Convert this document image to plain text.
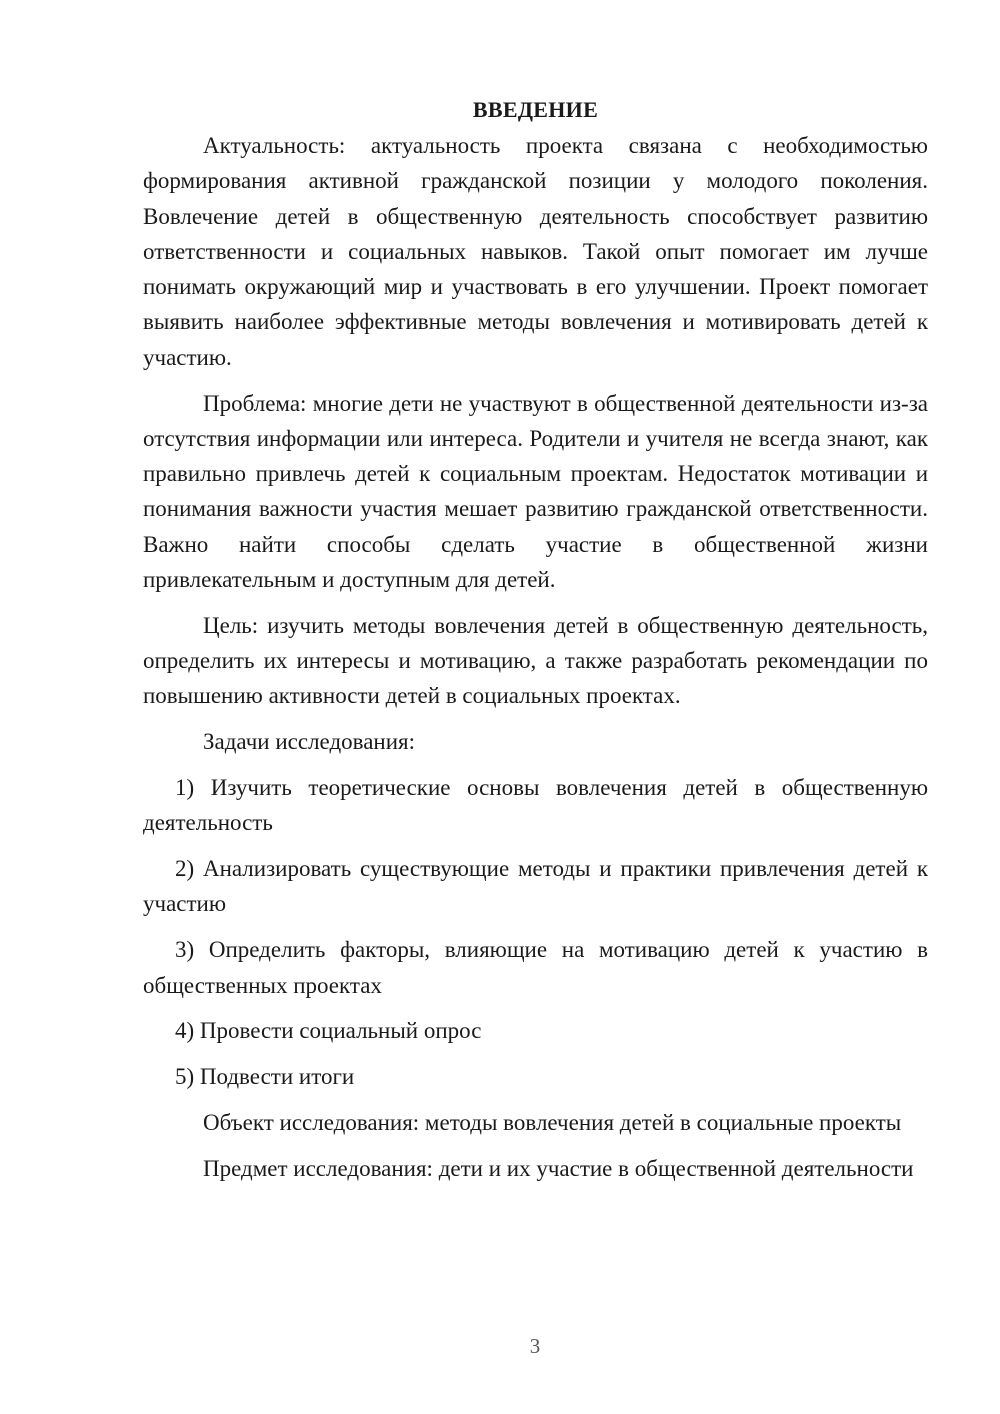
ВВЕДЕНИЕ

Актуальность: актуальность проекта связана с необходимостью формирования активной гражданской позиции у молодого поколения. Вовлечение детей в общественную деятельность способствует развитию ответственности и социальных навыков. Такой опыт помогает им лучше понимать окружающий мир и участвовать в его улучшении. Проект помогает выявить наиболее эффективные методы вовлечения и мотивировать детей к участию.

Проблема: многие дети не участвуют в общественной деятельности из-за отсутствия информации или интереса. Родители и учителя не всегда знают, как правильно привлечь детей к социальным проектам. Недостаток мотивации и понимания важности участия мешает развитию гражданской ответственности. Важно найти способы сделать участие в общественной жизни привлекательным и доступным для детей.

Цель: изучить методы вовлечения детей в общественную деятельность, определить их интересы и мотивацию, а также разработать рекомендации по повышению активности детей в социальных проектах.

Задачи исследования:

1) Изучить теоретические основы вовлечения детей в общественную деятельность

2) Анализировать существующие методы и практики привлечения детей к участию

3) Определить факторы, влияющие на мотивацию детей к участию в общественных проектах

4) Провести социальный опрос

5) Подвести итоги

Объект исследования: методы вовлечения детей в социальные проекты

Предмет исследования: дети и их участие в общественной деятельности

3
